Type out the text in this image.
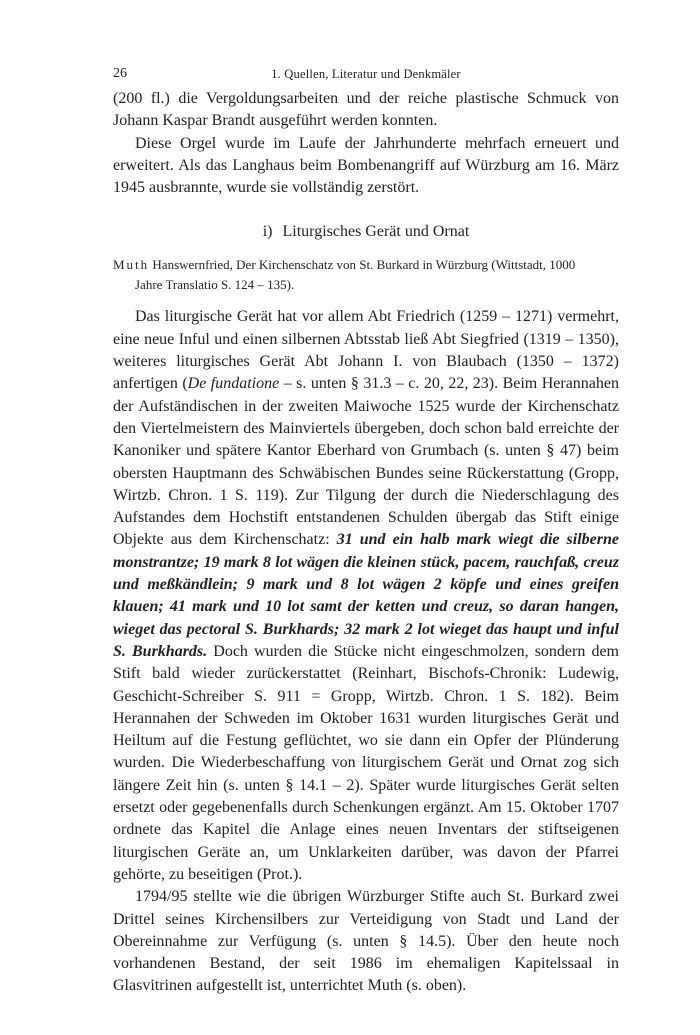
26	1. Quellen, Literatur und Denkmäler

(200 fl.) die Vergoldungsarbeiten und der reiche plastische Schmuck von Johann Kaspar Brandt ausgeführt werden konnten.

Diese Orgel wurde im Laufe der Jahrhunderte mehrfach erneuert und erweitert. Als das Langhaus beim Bombenangriff auf Würzburg am 16. März 1945 ausbrannte, wurde sie vollständig zerstört.

i) Liturgisches Gerät und Ornat

Muth Hanswernfried, Der Kirchenschatz von St. Burkard in Würzburg (Wittstadt, 1000
Jahre Translatio S. 124 – 135).

Das liturgische Gerät hat vor allem Abt Friedrich (1259 – 1271) vermehrt, eine neue Inful und einen silbernen Abtsstab ließ Abt Siegfried (1319 – 1350), weiteres liturgisches Gerät Abt Johann I. von Blaubach (1350 – 1372) anfertigen (De fundatione – s. unten § 31.3 – c. 20, 22, 23). Beim Herannahen der Aufständischen in der zweiten Maiwoche 1525 wurde der Kirchenschatz den Viertelmeistern des Mainviertels übergeben, doch schon bald erreichte der Kanoniker und spätere Kantor Eberhard von Grumbach (s. unten § 47) beim obersten Hauptmann des Schwäbischen Bundes seine Rückerstattung (Gropp, Wirtzb. Chron. 1 S. 119). Zur Tilgung der durch die Niederschlagung des Aufstandes dem Hochstift entstandenen Schulden übergab das Stift einige Objekte aus dem Kirchenschatz: 31 und ein halb mark wiegt die silberne monstrantze; 19 mark 8 lot wägen die kleinen stück, pacem, rauchfaß, creuz und meßkändlein; 9 mark und 8 lot wägen 2 köpfe und eines greifen klauen; 41 mark und 10 lot samt der ketten und creuz, so daran hangen, wieget das pectoral S. Burkhards; 32 mark 2 lot wieget das haupt und inful S. Burkhards. Doch wurden die Stücke nicht eingeschmolzen, sondern dem Stift bald wieder zurückerstattet (Reinhart, Bischofs-Chronik: Ludewig, Geschicht-Schreiber S. 911 = Gropp, Wirtzb. Chron. 1 S. 182). Beim Herannahen der Schweden im Oktober 1631 wurden liturgisches Gerät und Heiltum auf die Festung geflüchtet, wo sie dann ein Opfer der Plünderung wurden. Die Wiederbeschaffung von liturgischem Gerät und Ornat zog sich längere Zeit hin (s. unten § 14.1 – 2). Später wurde liturgisches Gerät selten ersetzt oder gegebenenfalls durch Schenkungen ergänzt. Am 15. Oktober 1707 ordnete das Kapitel die Anlage eines neuen Inventars der stiftseigenen liturgischen Geräte an, um Unklarkeiten darüber, was davon der Pfarrei gehörte, zu beseitigen (Prot.).

1794/95 stellte wie die übrigen Würzburger Stifte auch St. Burkard zwei Drittel seines Kirchensilbers zur Verteidigung von Stadt und Land der Obereinnahme zur Verfügung (s. unten § 14.5). Über den heute noch vorhandenen Bestand, der seit 1986 im ehemaligen Kapitelssaal in Glasvitrinen aufgestellt ist, unterrichtet Muth (s. oben).
